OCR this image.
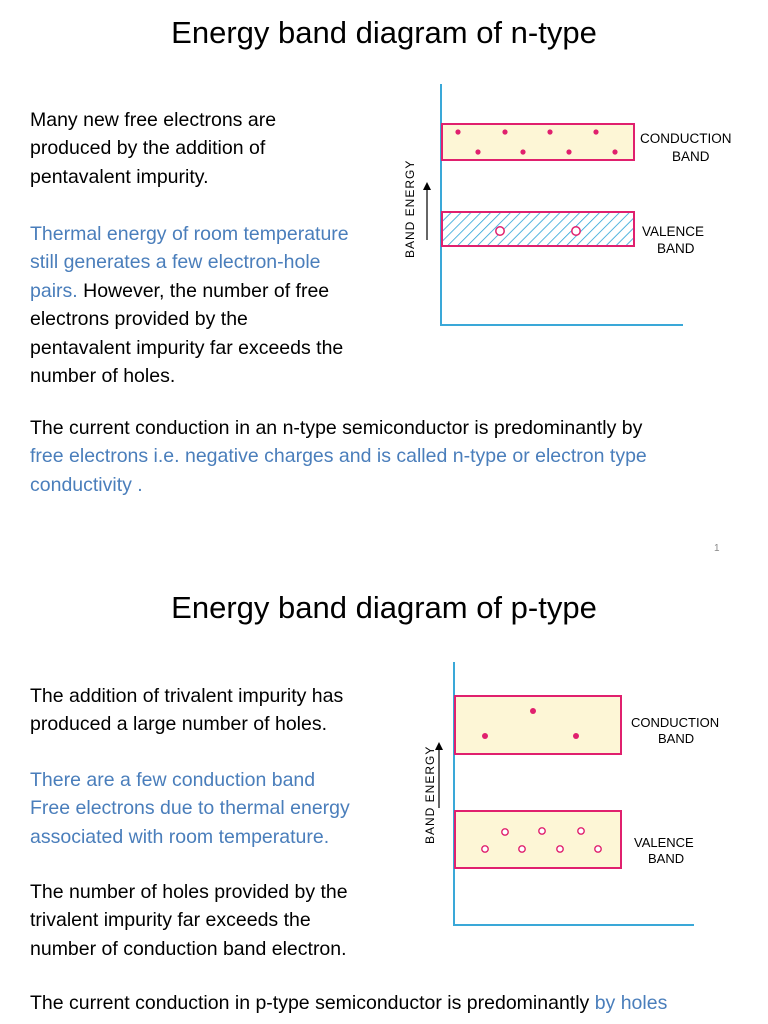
Energy band diagram of n-type

Many new free electrons are
produced by the addition of
pentavalent impurity.

Thermal energy of room temperature
still generates a few electron-hole
pairs. However, the number of free
electrons provided by the
pentavalent impurity far exceeds the
number of holes.

The current conduction in an n-type semiconductor is predominantly by
free electrons i.e. negative charges and is called n-type or electron type
conductivity .

1
BAND ENERGY
CONDUCTION
BAND
VALENCE
BAND
Energy band diagram of p-type

The addition of trivalent impurity has
produced a large number of holes.

There are a few conduction band
Free electrons due to thermal energy
associated with room temperature.

The number of holes provided by the
trivalent impurity far exceeds the
number of conduction band electron.

The current conduction in p-type semiconductor is predominantly by holes

BAND ENERGY
CONDUCTION
BAND
VALENCE
BAND
